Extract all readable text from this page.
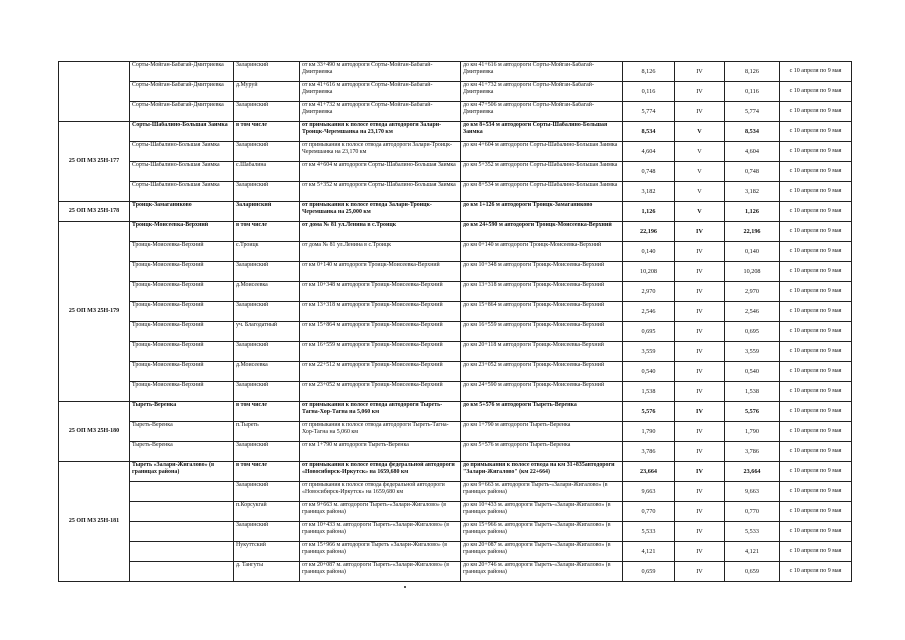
	Сорты-Мойган-Бабагай-Дмитриевка	Заларинский	от км 33+490 м автодороги Сорты-Мойган-Бабагай-Дмитриевка	до км 41+616 м автодороги Сорты-Мойган-Бабагай-Дмитриевка	8,126	IV	8,126	с 10 апреля по 9 мая
	Сорты-Мойган-Бабагай-Дмитриевка	д.Муруй	от км 41+616 м автодороги Сорты-Мойган-Бабагай-Дмитриевка	до км 41+732 м автодороги Сорты-Мойган-Бабагай-Дмитриевка	0,116	IV	0,116	с 10 апреля по 9 мая
	Сорты-Мойган-Бабагай-Дмитриевка	Заларинский	от км 41+732 м автодороги Сорты-Мойган-Бабагай-Дмитриевка	до км 47+506 м автодороги Сорты-Мойган-Бабагай-Дмитриевка	5,774	IV	5,774	с 10 апреля по 9 мая
25 ОП МЗ 25Н-177	Сорты-Шабалино-Большая Заимка	в том числе	от примыкания к полосе отвода автодороги Залари-Троицк-Черемшанка на 23,170 км	до км 8+534 м автодороги Сорты-Шабалино-Большая Заимка	8,534	V	8,534	с 10 апреля по 9 мая
	Сорты-Шабалино-Большая Заимка	Заларинский	от примыкания к полосе отвода автодороги Залари-Троицк-Черемшанка на 23,170 км	до км 4+604 м автодороги Сорты-Шабалино-Большая Заимка	4,604	V	4,604	с 10 апреля по 9 мая
	Сорты-Шабалино-Большая Заимка	с.Шабалина	от км 4+604 м автодороги Сорты-Шабалино-Большая Заимка	до км 5+352 м автодороги Сорты-Шабалино-Большая Заимка	0,748	V	0,748	с 10 апреля по 9 мая
	Сорты-Шабалино-Большая Заимка	Заларинский	от км 5+352 м автодороги Сорты-Шабалино-Большая Заимка	до км 8+534 м автодороги Сорты-Шабалино-Большая Заимка	3,182	V	3,182	с 10 апреля по 9 мая
25 ОП МЗ 25Н-178	Троицк-Замаганиково	Заларинский	от примыкания к полосе отвода Залари-Троицк-Черемшанка на 25,000 км	до км 1+126 м автодороги Троицк-Замаганиково	1,126	V	1,126	с 10 апреля по 9 мая
25 ОП МЗ 25Н-179	Троицк-Моисеевка-Верхний	в том числе	от дома № 81 ул.Ленина в с.Троицк	до км 24+590 м автодороги Троицк-Моисеевка-Верхний	22,196	IV	22,196	с 10 апреля по 9 мая
	Троицк-Моисеевка-Верхний	с.Троицк	от дома № 81 ул.Ленина в с.Троицк	до км 0+140 м автодороги Троицк-Моисеевка-Верхний	0,140	IV	0,140	с 10 апреля по 9 мая
	Троицк-Моисеевка-Верхний	Заларинский	от км 0+140 м автодороги Троицк-Моисеевка-Верхний	до км 10+348 м автодороги Троицк-Моисеевка-Верхний	10,208	IV	10,208	с 10 апреля по 9 мая
	Троицк-Моисеевка-Верхний	д.Моисеевка	от км 10+348 м автодороги Троицк-Моисеевка-Верхний	до км 13+318 м автодороги Троицк-Моисеевка-Верхний	2,970	IV	2,970	с 10 апреля по 9 мая
	Троицк-Моисеевка-Верхний	Заларинский	от км 13+318 м автодороги Троицк-Моисеевка-Верхний	до км 15+864 м автодороги Троицк-Моисеевка-Верхний	2,546	IV	2,546	с 10 апреля по 9 мая
	Троицк-Моисеевка-Верхний	уч. Благодатный	от км 15+864 м автодороги Троицк-Моисеевка-Верхний	до км 16+559 м автодороги Троицк-Моисеевка-Верхний	0,695	IV	0,695	с 10 апреля по 9 мая
	Троицк-Моисеевка-Верхний	Заларинский	от км 16+559 м автодороги Троицк-Моисеевка-Верхний	до км 20+118 м автодороги Троицк-Моисеевка-Верхний	3,559	IV	3,559	с 10 апреля по 9 мая
	Троицк-Моисеевка-Верхний	д.Моисеевка	от км 22+512 м автодороги Троицк-Моисеевка-Верхний	до км 23+052 м автодороги Троицк-Моисеевка-Верхний	0,540	IV	0,540	с 10 апреля по 9 мая
	Троицк-Моисеевка-Верхний	Заларинский	от км 23+052 м автодороги Троицк-Моисеевка-Верхний	до км 24+590 м автодороги Троицк-Моисеевка-Верхний	1,538	IV	1,538	с 10 апреля по 9 мая
25 ОП МЗ 25Н-180	Тыреть-Веренка	в том числе	от примыкания к полосе отвода автодороги Тыреть-Тагна-Хор-Тагна на 5,060 км	до км 5+576 м автодороги Тыреть-Веренка	5,576	IV	5,576	с 10 апреля по 9 мая
	Тыреть-Веренка	п.Тыреть	от примыкания к полосе отвода автодороги Тыреть-Тагна-Хор-Тагна на 5,060 км	до км 1+790 м автодороги Тыреть-Веренка	1,790	IV	1,790	с 10 апреля по 9 мая
	Тыреть-Веренка	Заларинский	от км 1+790 м автодороги Тыреть-Веренка	до км 5+576 м автодороги Тыреть-Веренка	3,786	IV	3,786	с 10 апреля по 9 мая
25 ОП МЗ 25Н-181	Тыреть «Залари-Жигалово» (в границах района)	в том числе	от примыкания к полосе отвода федеральной автодороги «Новосибирск-Иркутск» на 1659,680 км	до примыкания к полосе отвода на км 31+835автодороги "Залари-Жигалово" (км 22+664)	23,664	IV	23,664	с 10 апреля по 9 мая
		Заларинский	от примыкания к полосе отвода федеральной автодороги «Новосибирск-Иркутск» на 1659,680 км	до км 9+663 м. автодороги Тыреть-«Залари-Жигалово» (в границах района)	9,663	IV	9,663	с 10 апреля по 9 мая
		п.Корсукгай	от км 9+663 м. автодороги Тыреть-«Залари-Жигалово» (в границах района)	до км 10+433 м. автодороги Тыреть-«Залари-Жигалово» (в границах района)	0,770	IV	0,770	с 10 апреля по 9 мая
		Заларинский	от км 10+433 м. автодороги Тыреть-«Залари-Жигалово» (в границах района)	до км 15+966 м. автодороги Тыреть-«Залари-Жигалово» (в границах района)	5,533	IV	5,533	с 10 апреля по 9 мая
		Нукуттский	от км 15+966 м автодороги Тыреть «Залари-Жигалово» (в границах района)	до км 20+087 м. автодороги Тыреть-«Залари-Жигалово» (в границах района)	4,121	IV	4,121	с 10 апреля по 9 мая
		д. Тангуты	от км 20+087 м. автодороги Тыреть-«Залари-Жигалово» (в границах района)	до км 20+746 м. автодороги Тыреть-«Залари-Жигалово» (в границах района)	0,659	IV	0,659	с 10 апреля по 9 мая
